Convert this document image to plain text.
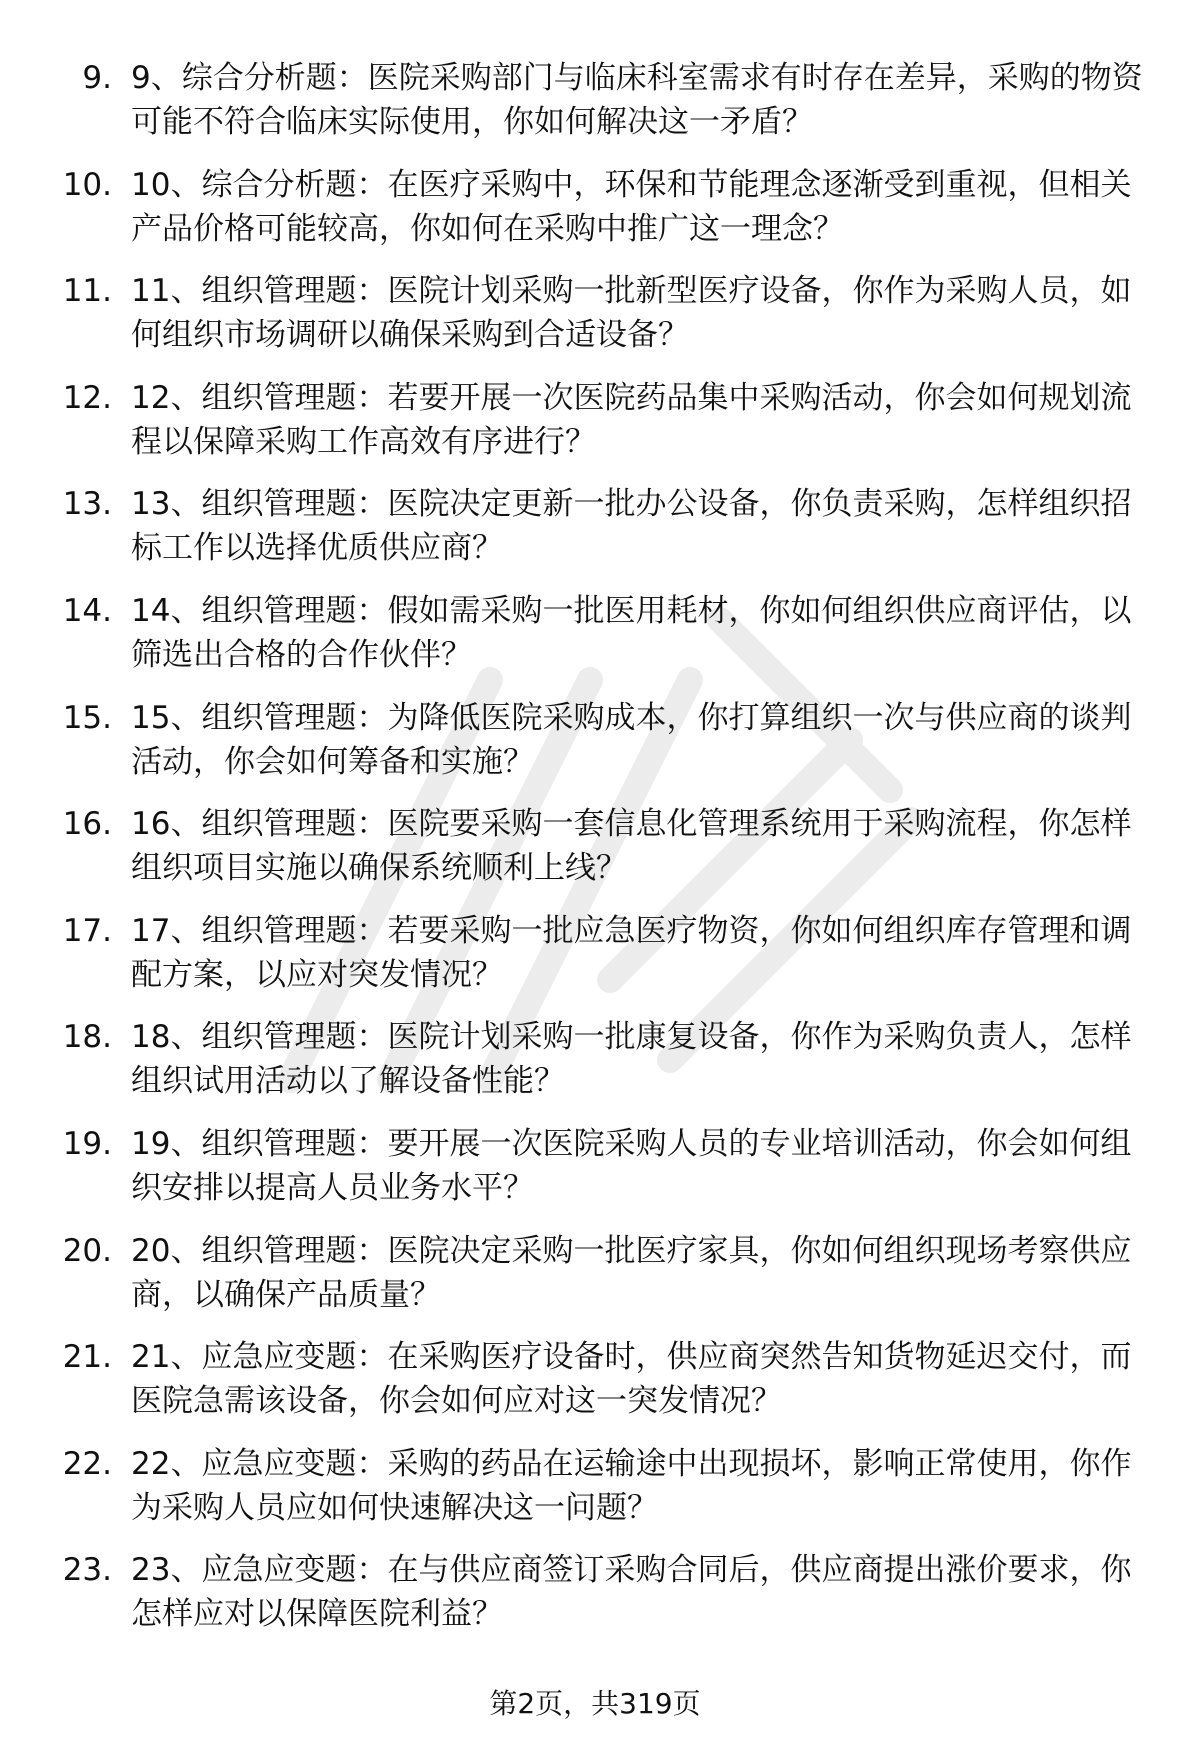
9. 9、综合分析题：医院采购部门与临床科室需求有时存在差异，采购的物资可能不符合临床实际使用，你如何解决这一矛盾？
10. 10、综合分析题：在医疗采购中，环保和节能理念逐渐受到重视，但相关产品价格可能较高，你如何在采购中推广这一理念？
11. 11、组织管理题：医院计划采购一批新型医疗设备，你作为采购人员，如何组织市场调研以确保采购到合适设备？
12. 12、组织管理题：若要开展一次医院药品集中采购活动，你会如何规划流程以保障采购工作高效有序进行？
13. 13、组织管理题：医院决定更新一批办公设备，你负责采购，怎样组织招标工作以选择优质供应商？
14. 14、组织管理题：假如需采购一批医用耗材，你如何组织供应商评估，以筛选出合格的合作伙伴？
15. 15、组织管理题：为降低医院采购成本，你打算组织一次与供应商的谈判活动，你会如何筹备和实施？
16. 16、组织管理题：医院要采购一套信息化管理系统用于采购流程，你怎样组织项目实施以确保系统顺利上线？
17. 17、组织管理题：若要采购一批应急医疗物资，你如何组织库存管理和调配方案，以应对突发情况？
18. 18、组织管理题：医院计划采购一批康复设备，你作为采购负责人，怎样组织试用活动以了解设备性能？
19. 19、组织管理题：要开展一次医院采购人员的专业培训活动，你会如何组织安排以提高人员业务水平？
20. 20、组织管理题：医院决定采购一批医疗家具，你如何组织现场考察供应商，以确保产品质量？
21. 21、应急应变题：在采购医疗设备时，供应商突然告知货物延迟交付，而医院急需该设备，你会如何应对这一突发情况？
22. 22、应急应变题：采购的药品在运输途中出现损坏，影响正常使用，你作为采购人员应如何快速解决这一问题？
23. 23、应急应变题：在与供应商签订采购合同后，供应商提出涨价要求，你怎样应对以保障医院利益？
第2页，共319页
